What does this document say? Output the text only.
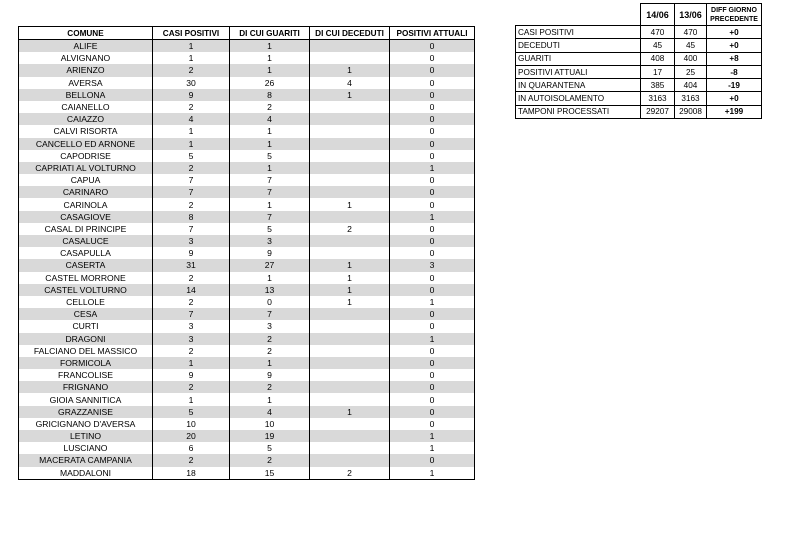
COMUNE	CASI POSITIVI	DI CUI GUARITI	DI CUI DECEDUTI	POSITIVI ATTUALI
ALIFE	1	1		0
ALVIGNANO	1	1		0
ARIENZO	2	1	1	0
AVERSA	30	26	4	0
BELLONA	9	8	1	0
CAIANELLO	2	2		0
CAIAZZO	4	4		0
CALVI RISORTA	1	1		0
CANCELLO ED ARNONE	1	1		0
CAPODRISE	5	5		0
CAPRIATI AL VOLTURNO	2	1		1
CAPUA	7	7		0
CARINARO	7	7		0
CARINOLA	2	1	1	0
CASAGIOVE	8	7		1
CASAL DI PRINCIPE	7	5	2	0
CASALUCE	3	3		0
CASAPULLA	9	9		0
CASERTA	31	27	1	3
CASTEL MORRONE	2	1	1	0
CASTEL VOLTURNO	14	13	1	0
CELLOLE	2	0	1	1
CESA	7	7		0
CURTI	3	3		0
DRAGONI	3	2		1
FALCIANO DEL MASSICO	2	2		0
FORMICOLA	1	1		0
FRANCOLISE	9	9		0
FRIGNANO	2	2		0
GIOIA SANNITICA	1	1		0
GRAZZANISE	5	4	1	0
GRICIGNANO D'AVERSA	10	10		0
LETINO	20	19		1
LUSCIANO	6	5		1
MACERATA CAMPANIA	2	2		0
MADDALONI	18	15	2	1
	14/06	13/06	DIFF GIORNO PRECEDENTE
CASI POSITIVI	470	470	+0
DECEDUTI	45	45	+0
GUARITI	408	400	+8
POSITIVI ATTUALI	17	25	-8
IN QUARANTENA	385	404	-19
IN AUTOISOLAMENTO	3163	3163	+0
TAMPONI PROCESSATI	29207	29008	+199
